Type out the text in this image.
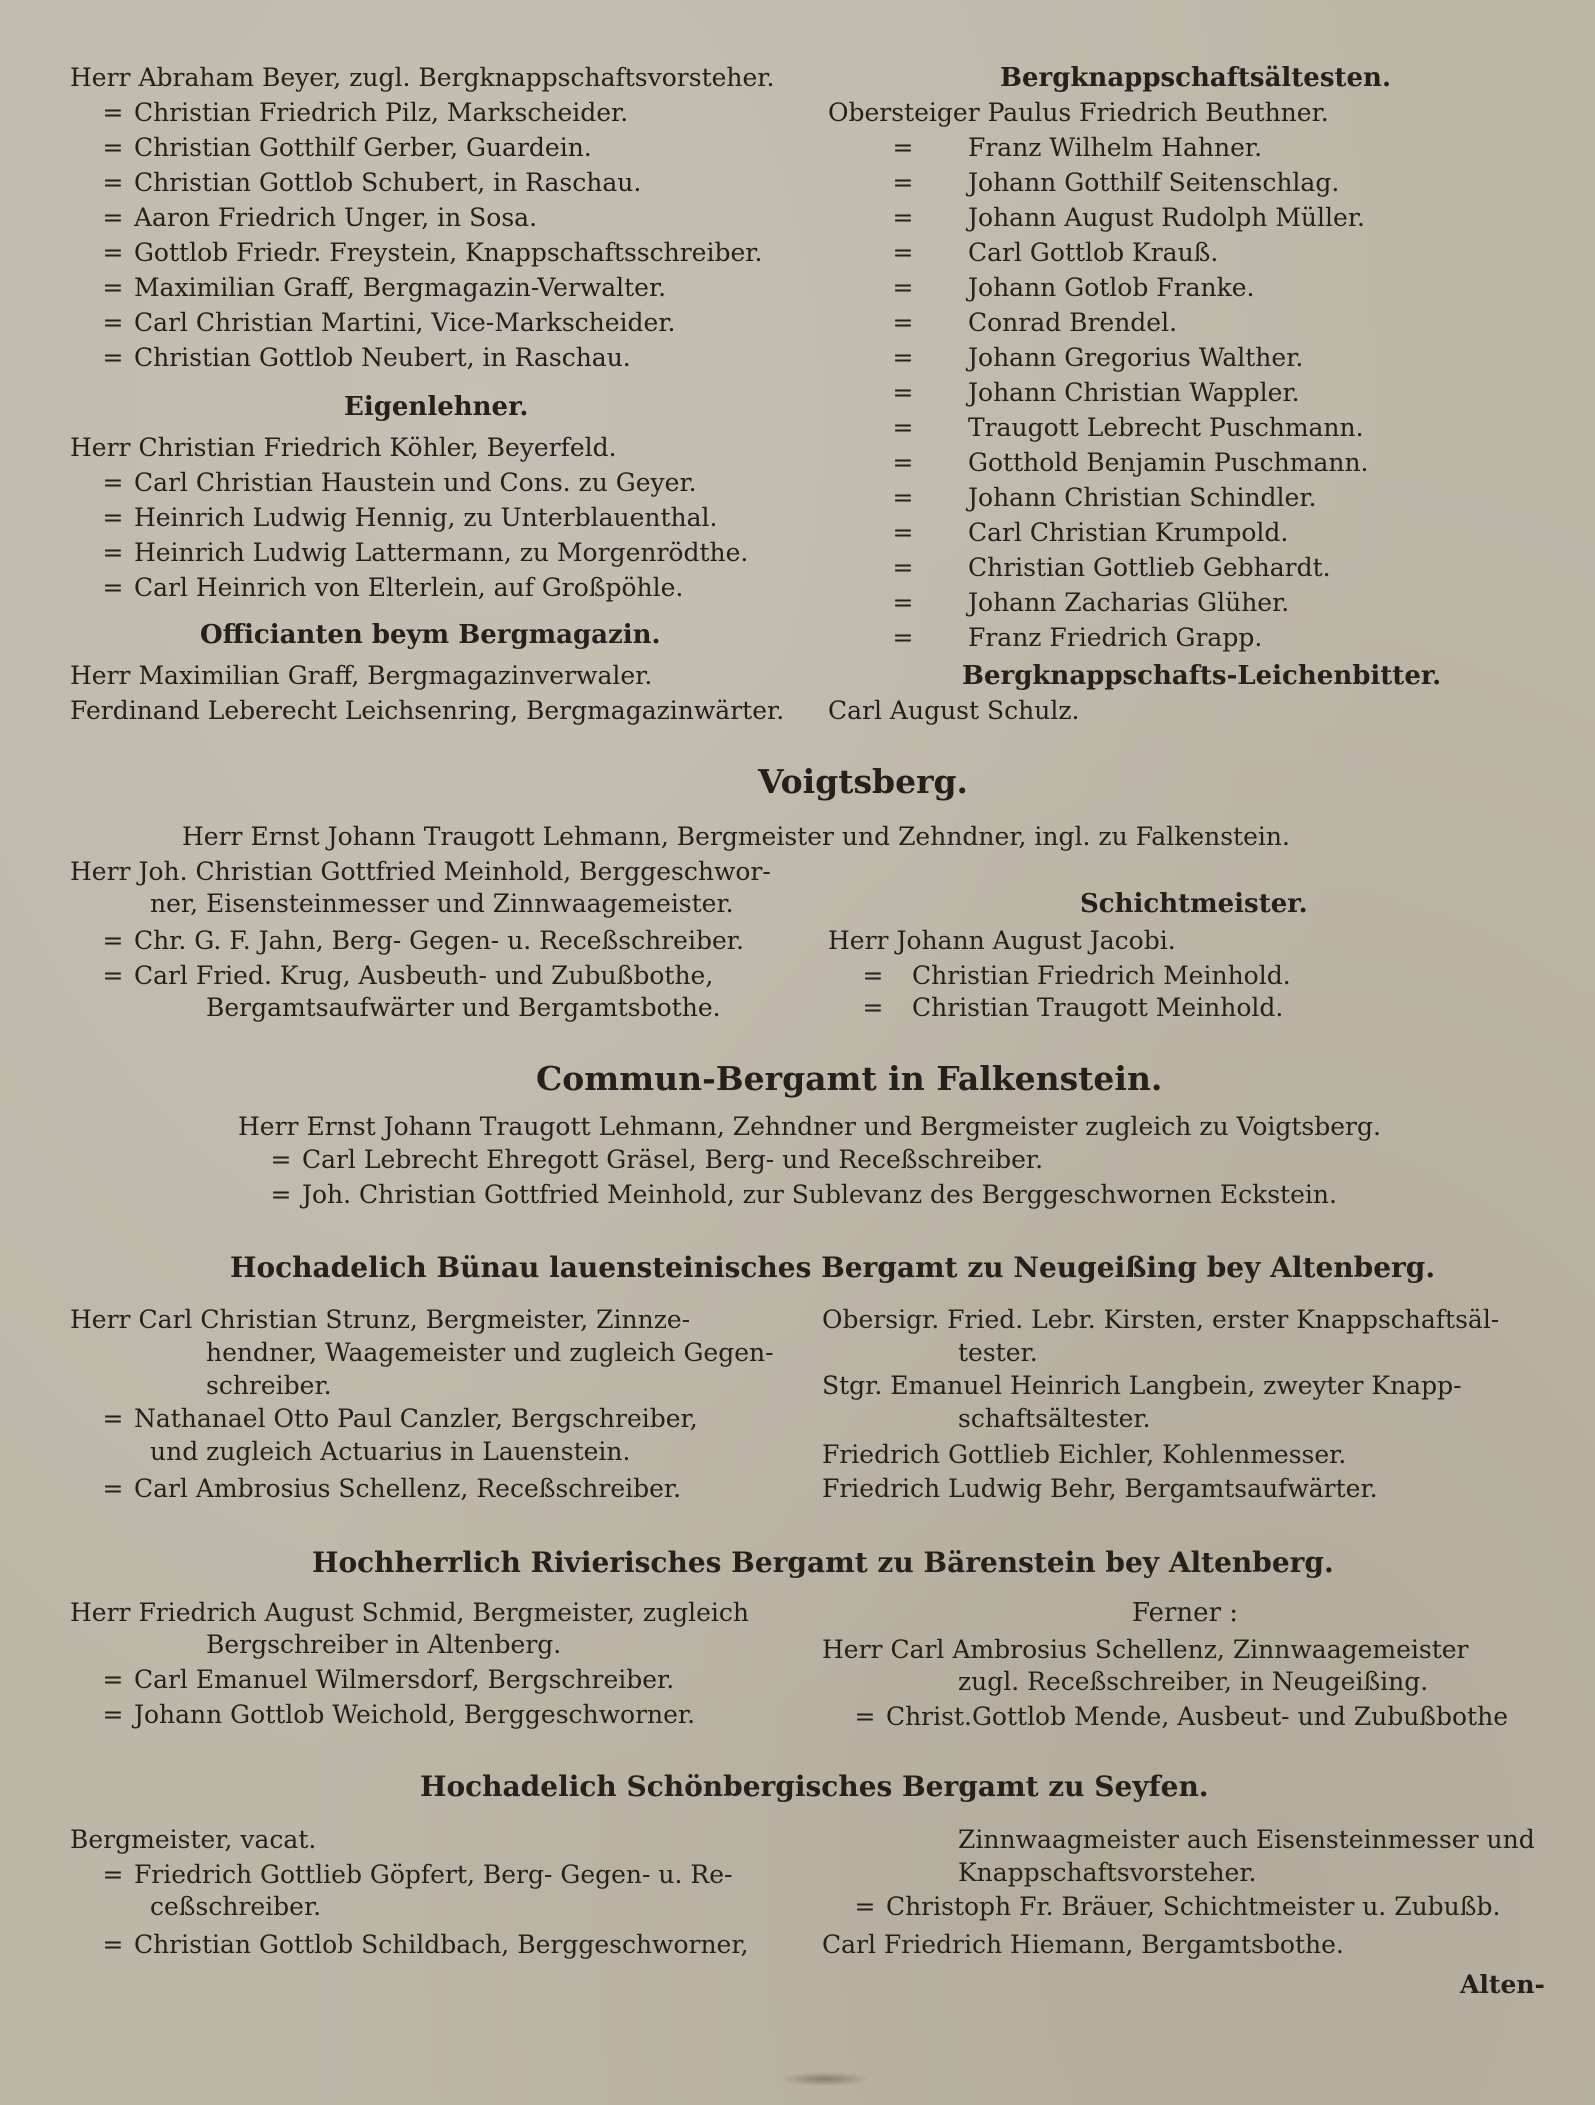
Herr Abraham Beyer, zugl. Bergknappschaftsvorsteher.
= Christian Friedrich Pilz, Markscheider.
= Christian Gotthilf Gerber, Guardein.
= Christian Gottlob Schubert, in Raschau.
= Aaron Friedrich Unger, in Sosa.
= Gottlob Friedr. Freystein, Knappschaftsschreiber.
= Maximilian Graff, Bergmagazin-Verwalter.
= Carl Christian Martini, Vice-Markscheider.
= Christian Gottlob Neubert, in Raschau.
Eigenlehner.
Herr Christian Friedrich Köhler, Beyerfeld.
= Carl Christian Haustein und Cons. zu Geyer.
= Heinrich Ludwig Hennig, zu Unterblauenthal.
= Heinrich Ludwig Lattermann, zu Morgenrödthe.
= Carl Heinrich von Elterlein, auf Großpöhle.
Officianten beym Bergmagazin.
Herr Maximilian Graff, Bergmagazinverwaler.
Ferdinand Leberecht Leichsenring, Bergmagazinwärter.
Bergknappschaftsältesten.
Obersteiger Paulus Friedrich Beuthner.
= Franz Wilhelm Hahner.
= Johann Gotthilf Seitenschlag.
= Johann August Rudolph Müller.
= Carl Gottlob Krauß.
= Johann Gotlob Franke.
= Conrad Brendel.
= Johann Gregorius Walther.
= Johann Christian Wappler.
= Traugott Lebrecht Puschmann.
= Gotthold Benjamin Puschmann.
= Johann Christian Schindler.
= Carl Christian Krumpold.
= Christian Gottlieb Gebhardt.
= Johann Zacharias Glüher.
= Franz Friedrich Grapp.
Bergknappschafts-Leichenbitter.
Carl August Schulz.
Voigtsberg.
Herr Ernst Johann Traugott Lehmann, Bergmeister und Zehndner, ingl. zu Falkenstein.
Herr Joh. Christian Gottfried Meinhold, Berggeschwor-
ner, Eisensteinmesser und Zinnwaagemeister.
= Chr. G. F. Jahn, Berg- Gegen- u. Receßschreiber.
= Carl Fried. Krug, Ausbeuth- und Zubußbothe,
Bergamtsaufwärter und Bergamtsbothe.
Schichtmeister.
Herr Johann August Jacobi.
= Christian Friedrich Meinhold.
= Christian Traugott Meinhold.
Commun-Bergamt in Falkenstein.
Herr Ernst Johann Traugott Lehmann, Zehndner und Bergmeister zugleich zu Voigtsberg.
= Carl Lebrecht Ehregott Gräsel, Berg- und Receßschreiber.
= Joh. Christian Gottfried Meinhold, zur Sublevanz des Berggeschwornen Eckstein.
Hochadelich Bünau lauensteinisches Bergamt zu Neugeißing bey Altenberg.
Herr Carl Christian Strunz, Bergmeister, Zinnze-
hendner, Waagemeister und zugleich Gegen-
schreiber.
= Nathanael Otto Paul Canzler, Bergschreiber,
und zugleich Actuarius in Lauenstein.
= Carl Ambrosius Schellenz, Receßschreiber.
Obersigr. Fried. Lebr. Kirsten, erster Knappschaftsäl-
tester.
Stgr. Emanuel Heinrich Langbein, zweyter Knapp-
schaftsältester.
Friedrich Gottlieb Eichler, Kohlenmesser.
Friedrich Ludwig Behr, Bergamtsaufwärter.
Hochherrlich Rivierisches Bergamt zu Bärenstein bey Altenberg.
Herr Friedrich August Schmid, Bergmeister, zugleich
Bergschreiber in Altenberg.
= Carl Emanuel Wilmersdorf, Bergschreiber.
= Johann Gottlob Weichold, Berggeschworner.
Ferner :
Herr Carl Ambrosius Schellenz, Zinnwaagemeister
zugl. Receßschreiber, in Neugeißing.
= Christ.Gottlob Mende, Ausbeut- und Zubußbothe
Hochadelich Schönbergisches Bergamt zu Seyfen.
Bergmeister, vacat.
= Friedrich Gottlieb Göpfert, Berg- Gegen- u. Re-
ceßschreiber.
= Christian Gottlob Schildbach, Berggeschworner,
Zinnwaagmeister auch Eisensteinmesser und
Knappschaftsvorsteher.
= Christoph Fr. Bräuer, Schichtmeister u. Zubußb.
Carl Friedrich Hiemann, Bergamtsbothe.
Alten-
